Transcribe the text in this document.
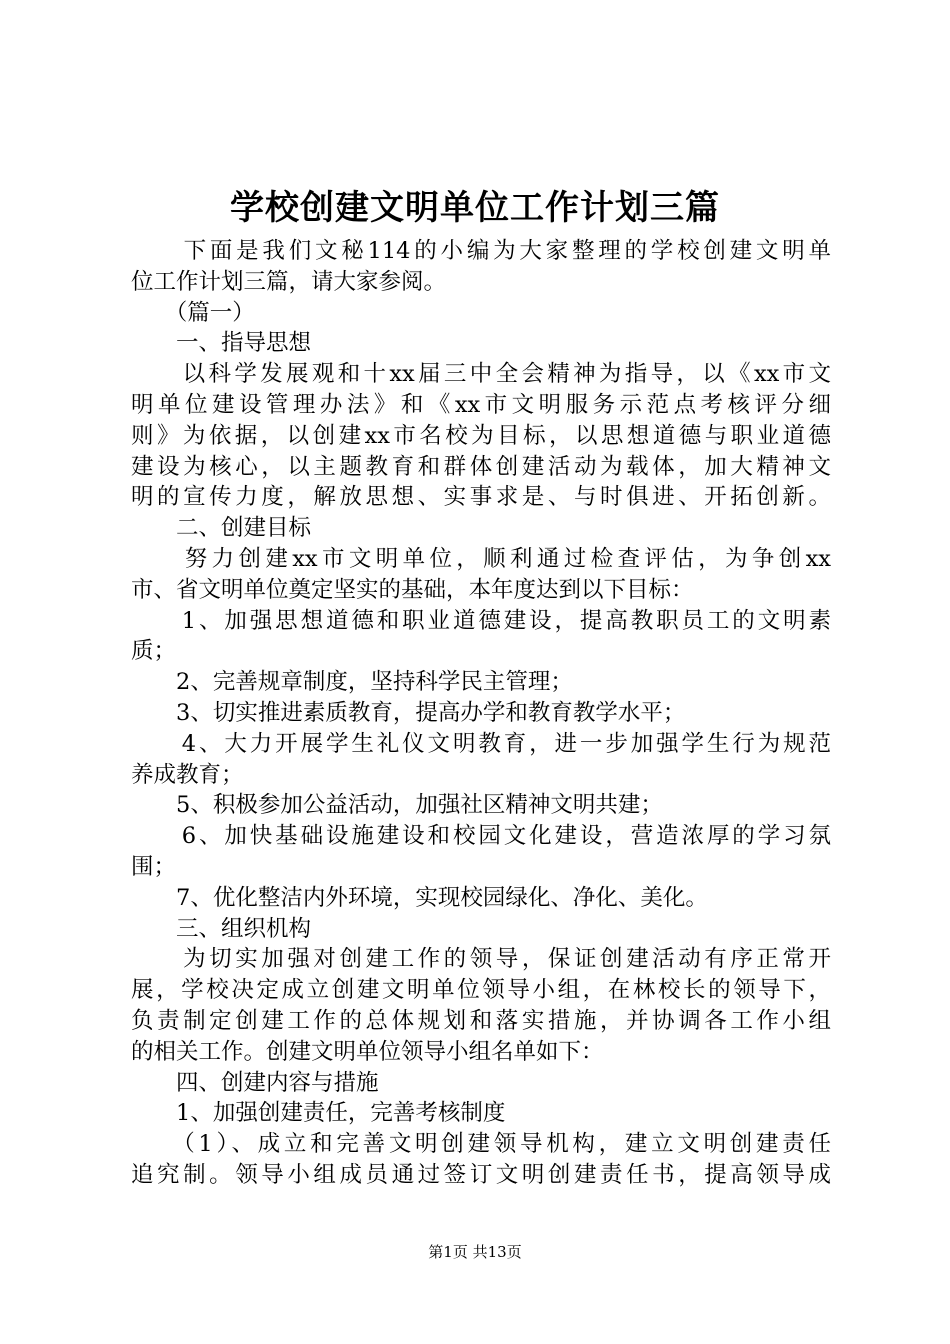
学校创建文明单位工作计划三篇
　　下面是我们文秘114的小编为大家整理的学校创建文明单
位工作计划三篇，请大家参阅。
　　（篇一）
　　一、指导思想
　　以科学发展观和十xx届三中全会精神为指导，以《xx市文
明单位建设管理办法》和《xx市文明服务示范点考核评分细
则》为依据，以创建xx市名校为目标，以思想道德与职业道德
建设为核心，以主题教育和群体创建活动为载体，加大精神文
明的宣传力度，解放思想、实事求是、与时俱进、开拓创新。
　　二、创建目标
　　努力创建xx市文明单位，顺利通过检查评估，为争创xx
市、省文明单位奠定坚实的基础，本年度达到以下目标：
　　1、加强思想道德和职业道德建设，提高教职员工的文明素
质；
　　2、完善规章制度，坚持科学民主管理；
　　3、切实推进素质教育，提高办学和教育教学水平；
　　4、大力开展学生礼仪文明教育，进一步加强学生行为规范
养成教育；
　　5、积极参加公益活动，加强社区精神文明共建；
　　6、加快基础设施建设和校园文化建设，营造浓厚的学习氛
围；
　　7、优化整洁内外环境，实现校园绿化、净化、美化。
　　三、组织机构
　　为切实加强对创建工作的领导，保证创建活动有序正常开
展，学校决定成立创建文明单位领导小组，在林校长的领导下，
负责制定创建工作的总体规划和落实措施，并协调各工作小组
的相关工作。创建文明单位领导小组名单如下：
　　四、创建内容与措施
　　1、加强创建责任，完善考核制度
　　（1）、成立和完善文明创建领导机构，建立文明创建责任
追究制。领导小组成员通过签订文明创建责任书，提高领导成
第1页 共13页
